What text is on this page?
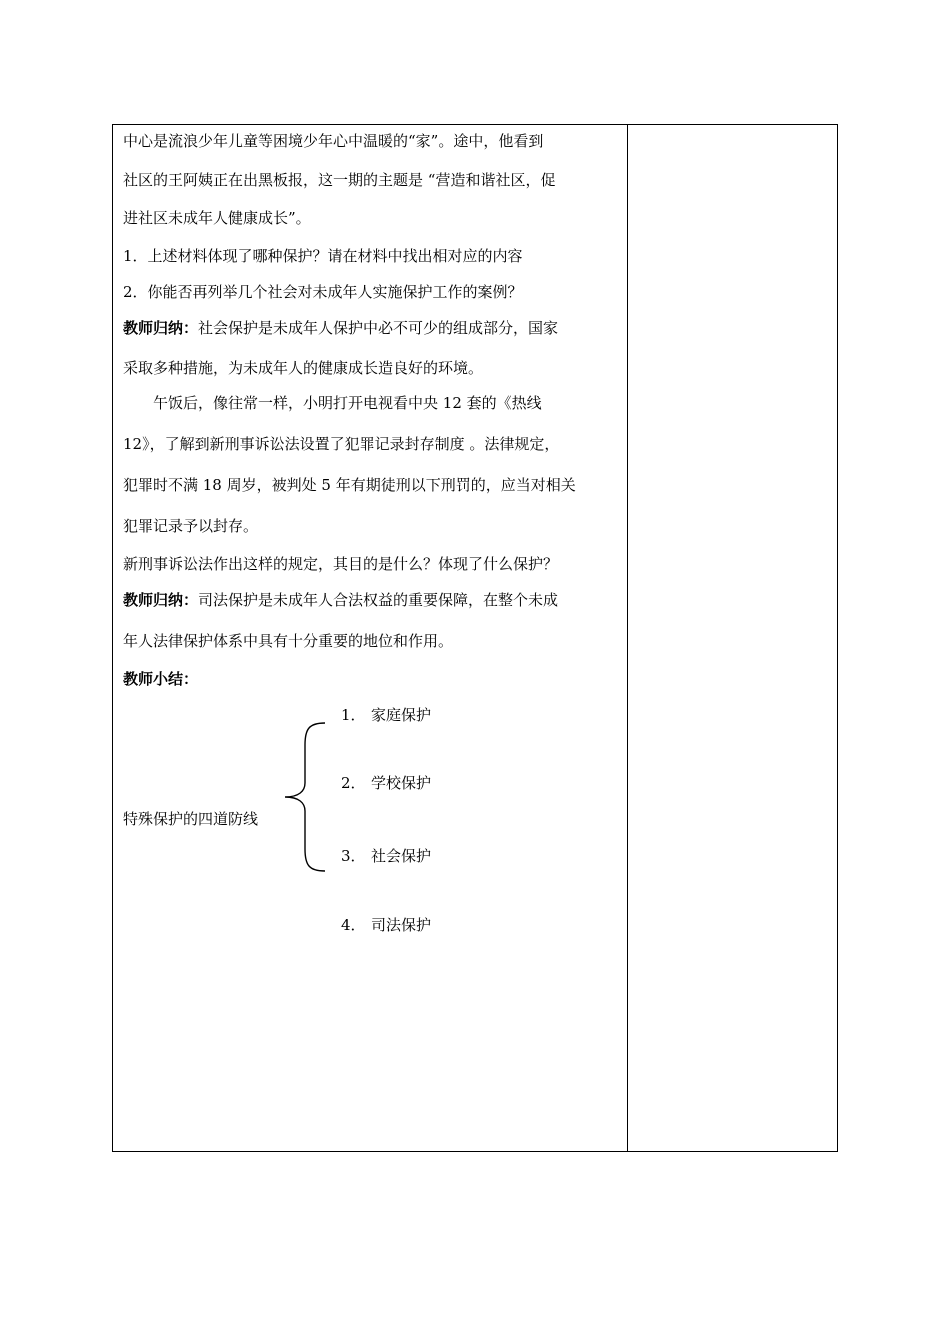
中心是流浪少年儿童等困境少年心中温暖的“家”。途中，他看到
社区的王阿姨正在出黑板报，这一期的主题是 “营造和谐社区，促
进社区未成年人健康成长”。
1．上述材料体现了哪种保护？请在材料中找出相对应的内容
2．你能否再列举几个社会对未成年人实施保护工作的案例？
教师归纳：社会保护是未成年人保护中必不可少的组成部分，国家
采取多种措施，为未成年人的健康成长造良好的环境。
午饭后，像往常一样，小明打开电视看中央 12 套的《热线
12》，了解到新刑事诉讼法设置了犯罪记录封存制度 。法律规定，
犯罪时不满 18 周岁，被判处 5 年有期徒刑以下刑罚的，应当对相关
犯罪记录予以封存。
新刑事诉讼法作出这样的规定，其目的是什么？体现了什么保护？
教师归纳：司法保护是未成年人合法权益的重要保障，在整个未成
年人法律保护体系中具有十分重要的地位和作用。
教师小结：
特殊保护的四道防线
1． 家庭保护
2． 学校保护
3． 社会保护
4． 司法保护
